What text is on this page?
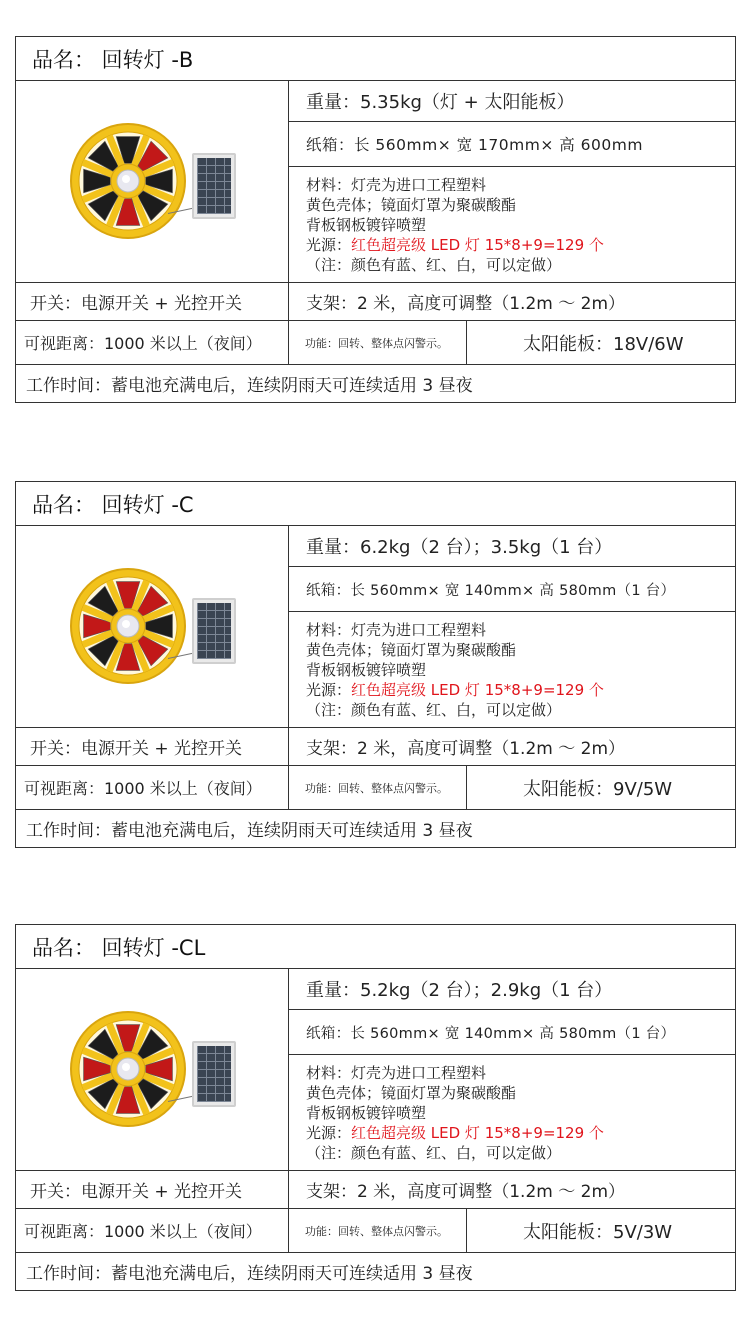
品名： 回转灯 -B
重量：5.35kg（灯 + 太阳能板）
纸箱：长 560mm× 宽 170mm× 高 600mm
材料：灯壳为进口工程塑料
黄色壳体；镜面灯罩为聚碳酸酯
背板钢板镀锌喷塑
光源：红色超亮级 LED 灯 15*8+9=129 个
（注：颜色有蓝、红、白，可以定做）
开关：电源开关 + 光控开关	支架：2 米，高度可调整（1.2m ～ 2m）
可视距离：1000 米以上（夜间）	功能：回转、整体点闪警示。	太阳能板：18V/6W
工作时间：蓄电池充满电后，连续阴雨天可连续适用 3 昼夜
品名： 回转灯 -C
重量：6.2kg（2 台）；3.5kg（1 台）
纸箱：长 560mm× 宽 140mm× 高 580mm（1 台）
材料：灯壳为进口工程塑料
黄色壳体；镜面灯罩为聚碳酸酯
背板钢板镀锌喷塑
光源：红色超亮级 LED 灯 15*8+9=129 个
（注：颜色有蓝、红、白，可以定做）
开关：电源开关 + 光控开关	支架：2 米，高度可调整（1.2m ～ 2m）
可视距离：1000 米以上（夜间）	功能：回转、整体点闪警示。	太阳能板：9V/5W
工作时间：蓄电池充满电后，连续阴雨天可连续适用 3 昼夜
品名： 回转灯 -CL
重量：5.2kg（2 台）；2.9kg（1 台）
纸箱：长 560mm× 宽 140mm× 高 580mm（1 台）
材料：灯壳为进口工程塑料
黄色壳体；镜面灯罩为聚碳酸酯
背板钢板镀锌喷塑
光源：红色超亮级 LED 灯 15*8+9=129 个
（注：颜色有蓝、红、白，可以定做）
开关：电源开关 + 光控开关	支架：2 米，高度可调整（1.2m ～ 2m）
可视距离：1000 米以上（夜间）	功能：回转、整体点闪警示。	太阳能板：5V/3W
工作时间：蓄电池充满电后，连续阴雨天可连续适用 3 昼夜
